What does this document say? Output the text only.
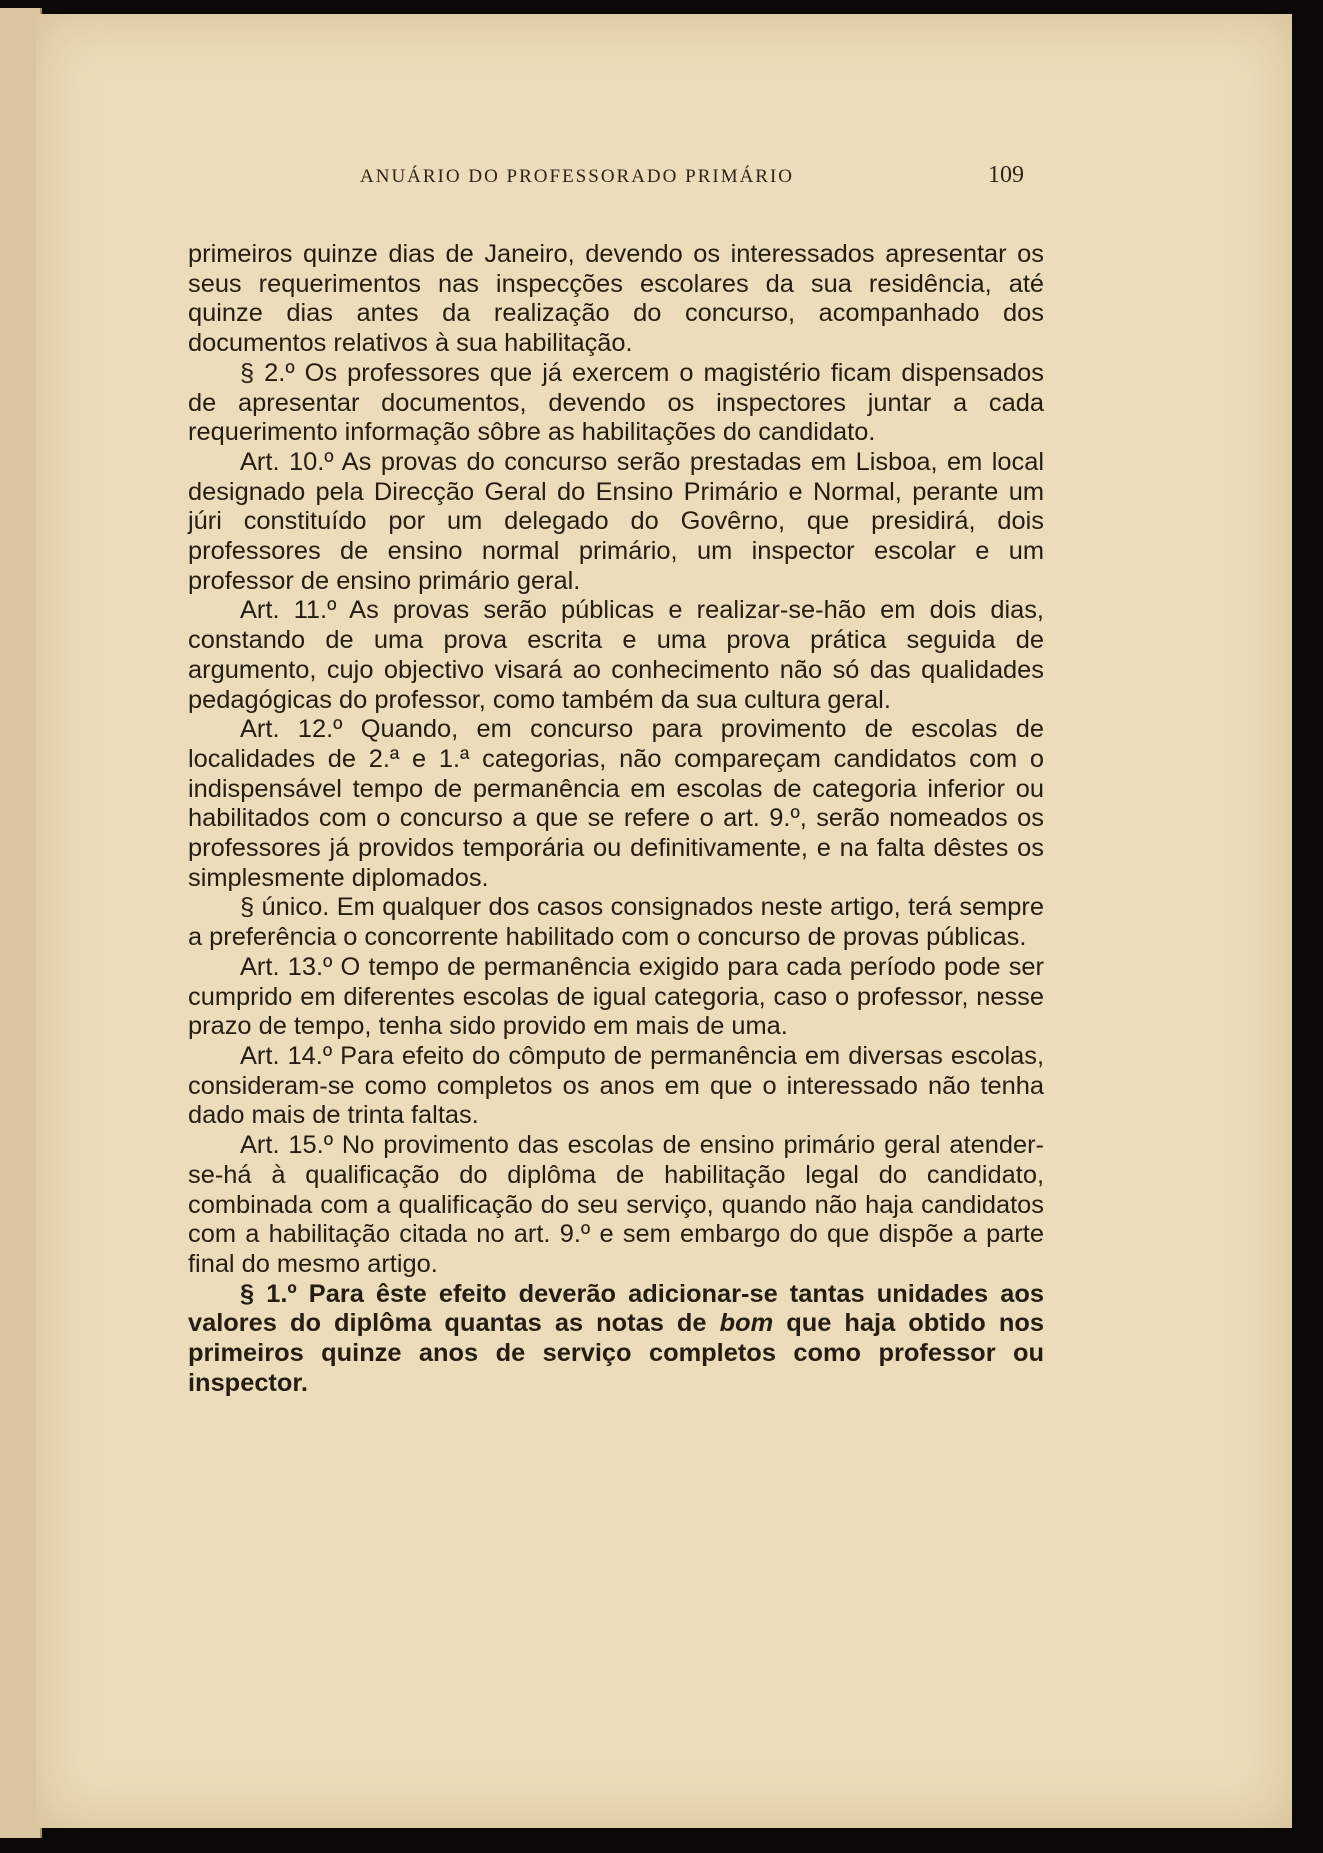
ANUÁRIO DO PROFESSORADO PRIMÁRIO	109

primeiros quinze dias de Janeiro, devendo os interessados apresentar os seus requerimentos nas inspecções escolares da sua residência, até quinze dias antes da realização do concurso, acompanhado dos documentos relativos à sua habilitação.

§ 2.º Os professores que já exercem o magistério ficam dispensados de apresentar documentos, devendo os inspectores juntar a cada requerimento informação sôbre as habilitações do candidato.

Art. 10.º As provas do concurso serão prestadas em Lisboa, em local designado pela Direcção Geral do Ensino Primário e Normal, perante um júri constituído por um delegado do Govêrno, que presidirá, dois professores de ensino normal primário, um inspector escolar e um professor de ensino primário geral.

Art. 11.º As provas serão públicas e realizar-se-hão em dois dias, constando de uma prova escrita e uma prova prática seguida de argumento, cujo objectivo visará ao conhecimento não só das qualidades pedagógicas do professor, como também da sua cultura geral.

Art. 12.º Quando, em concurso para provimento de escolas de localidades de 2.ª e 1.ª categorias, não compareçam candidatos com o indispensável tempo de permanência em escolas de categoria inferior ou habilitados com o concurso a que se refere o art. 9.º, serão nomeados os professores já providos temporária ou definitivamente, e na falta dêstes os simplesmente diplomados.

§ único. Em qualquer dos casos consignados neste artigo, terá sempre a preferência o concorrente habilitado com o concurso de provas públicas.

Art. 13.º O tempo de permanência exigido para cada período pode ser cumprido em diferentes escolas de igual categoria, caso o professor, nesse prazo de tempo, tenha sido provido em mais de uma.

Art. 14.º Para efeito do cômputo de permanência em diversas escolas, consideram-se como completos os anos em que o interessado não tenha dado mais de trinta faltas.

Art. 15.º No provimento das escolas de ensino primário geral atender-se-há à qualificação do diplôma de habilitação legal do candidato, combinada com a qualificação do seu serviço, quando não haja candidatos com a habilitação citada no art. 9.º e sem embargo do que dispõe a parte final do mesmo artigo.

§ 1.º Para êste efeito deverão adicionar-se tantas unidades aos valores do diplôma quantas as notas de bom que haja obtido nos primeiros quinze anos de serviço completos como professor ou inspector.
